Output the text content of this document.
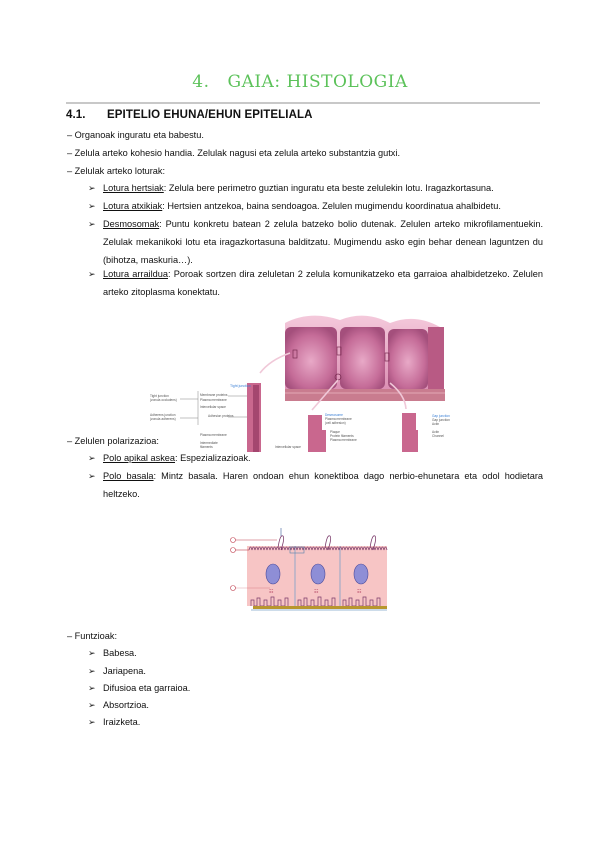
4. GAIA: HISTOLOGIA
4.1. EPITELIO EHUNA/EHUN EPITELIALA
– Organoak inguratu eta babestu.
– Zelula arteko kohesio handia. Zelulak nagusi eta zelula arteko substantzia gutxi.
– Zelulak arteko loturak:
➢ Lotura hertsiak: Zelula bere perimetro guztian inguratu eta beste zelulekin lotu. Iragazkortasuna.
➢ Lotura atxikiak: Hertsien antzekoa, baina sendoagoa. Zelulen mugimendu koordinatua ahalbidetu.
➢ Desmosomak: Puntu konkretu batean 2 zelula batzeko bolio dutenak. Zelulen arteko mikrofilamentuekin. Zelulak mekanikoki lotu eta iragazkortasuna balditzatu. Mugimendu asko egin behar denean laguntzen du (bihotza, maskuria…).
➢ Lotura arraildua: Poroak sortzen dira zeluletan 2 zelula komunikatzeko eta garraioa ahalbidetzeko. Zelulen arteko zitoplasma konektatu.
Tight junction
Tight junction
(zonula occludens)
Adherens junction
(zonula adherens)
Membrane proteins
Plasma membrane
Intercellular space
Adhesion proteins
Plasma membrane
(cell adhesion)
Gap junction
Actin
Desmosome	Gap junction
Plasma membrane
Intermediate
filaments	Intercellular space
Plaque
Protein filaments
Plasma membrane
Actin
Channel
– Zelulen polarizazioa:
➢ Polo apikal askea: Espezializazioak.
➢ Polo basala: Mintz basala. Haren ondoan ehun konektiboa dago nerbio-ehunetara eta odol hodietara heltzeko.
☷	☷	☷
– Funtzioak:
➢ Babesa.
➢ Jariapena.
➢ Difusioa eta garraioa.
➢ Absortzioa.
➢ Iraizketa.
